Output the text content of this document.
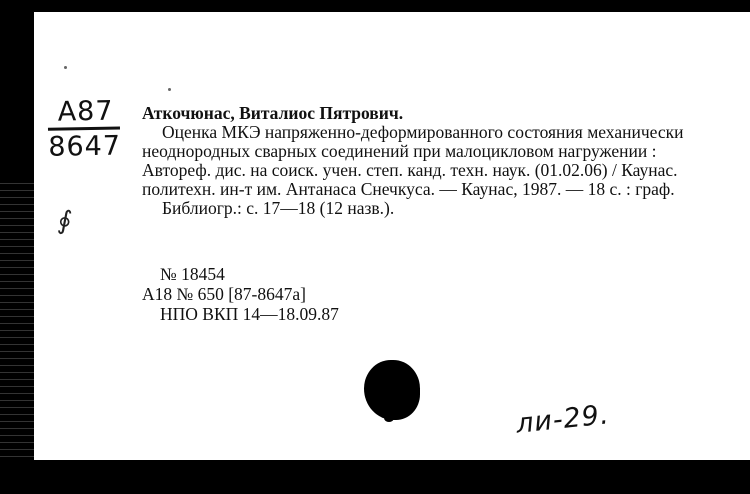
A87
8647
∮
Аткочюнас, Виталиос Пятрович.
Оценка МКЭ напряженно-деформированного состояния механически неоднородных сварных соединений при малоцикловом нагружении : Автореф. дис. на соиск. учен. степ. канд. техн. наук. (01.02.06) / Каунас. политехн. ин-т им. Антанаса Снечкуса. — Каунас, 1987. — 18 с. : граф.
Библиогр.: с. 17—18 (12 назв.).
№ 18454
А18 № 650 [87-8647а]
НПО ВКП 14—18.09.87
ли-29.
